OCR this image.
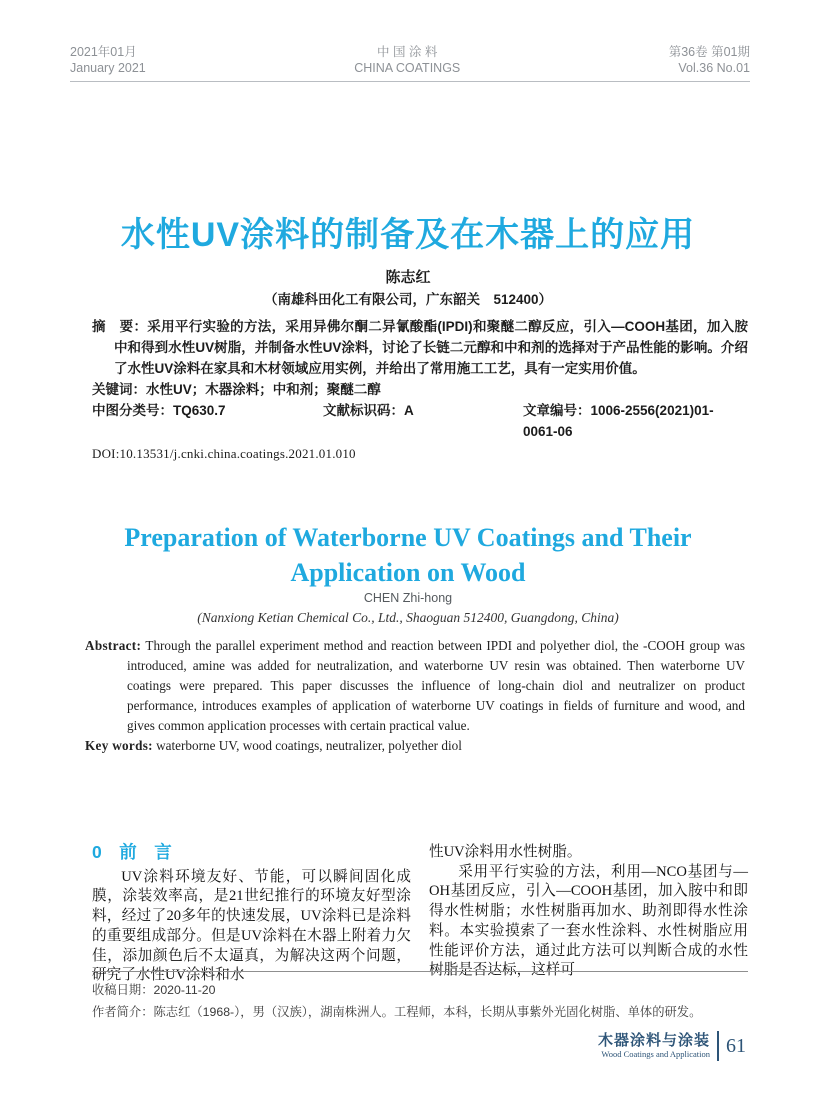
2021年01月
January 2021
中 国 涂 料
CHINA COATINGS
第36卷 第01期
Vol.36 No.01
水性UV涂料的制备及在木器上的应用
陈志红
（南雄科田化工有限公司，广东韶关　512400）
摘　要：采用平行实验的方法，采用异佛尔酮二异氰酸酯(IPDI)和聚醚二醇反应，引入—COOH基团，加入胺中和得到水性UV树脂，并制备水性UV涂料，讨论了长链二元醇和中和剂的选择对于产品性能的影响。介绍了水性UV涂料在家具和木材领域应用实例，并给出了常用施工工艺，具有一定实用价值。
关键词：水性UV；木器涂料；中和剂；聚醚二醇
中图分类号：TQ630.7	文献标识码：A	文章编号：1006-2556(2021)01-0061-06
DOI:10.13531/j.cnki.china.coatings.2021.01.010
Preparation of Waterborne UV Coatings and Their
Application on Wood
CHEN Zhi-hong
(Nanxiong Ketian Chemical Co., Ltd., Shaoguan 512400, Guangdong, China)
Abstract: Through the parallel experiment method and reaction between IPDI and polyether diol, the -COOH group was introduced, amine was added for neutralization, and waterborne UV resin was obtained. Then waterborne UV coatings were prepared. This paper discusses the influence of long-chain diol and neutralizer on product performance, introduces examples of application of waterborne UV coatings in fields of furniture and wood, and gives common application processes with certain practical value.
Key words: waterborne UV, wood coatings, neutralizer, polyether diol
0　前　言

UV涂料环境友好、节能，可以瞬间固化成膜，涂装效率高，是21世纪推行的环境友好型涂料，经过了20多年的快速发展，UV涂料已是涂料的重要组成部分。但是UV涂料在木器上附着力欠佳，添加颜色后不太逼真，为解决这两个问题，研究了水性UV涂料和水

性UV涂料用水性树脂。

采用平行实验的方法，利用—NCO基团与—OH基团反应，引入—COOH基团，加入胺中和即得水性树脂；水性树脂再加水、助剂即得水性涂料。本实验摸索了一套水性涂料、水性树脂应用性能评价方法，通过此方法可以判断合成的水性树脂是否达标，这样可

收稿日期：2020-11-20
作者简介：陈志红（1968-），男（汉族），湖南株洲人。工程师，本科，长期从事紫外光固化树脂、单体的研发。
木器涂料与涂装
Wood Coatings and Application 61
